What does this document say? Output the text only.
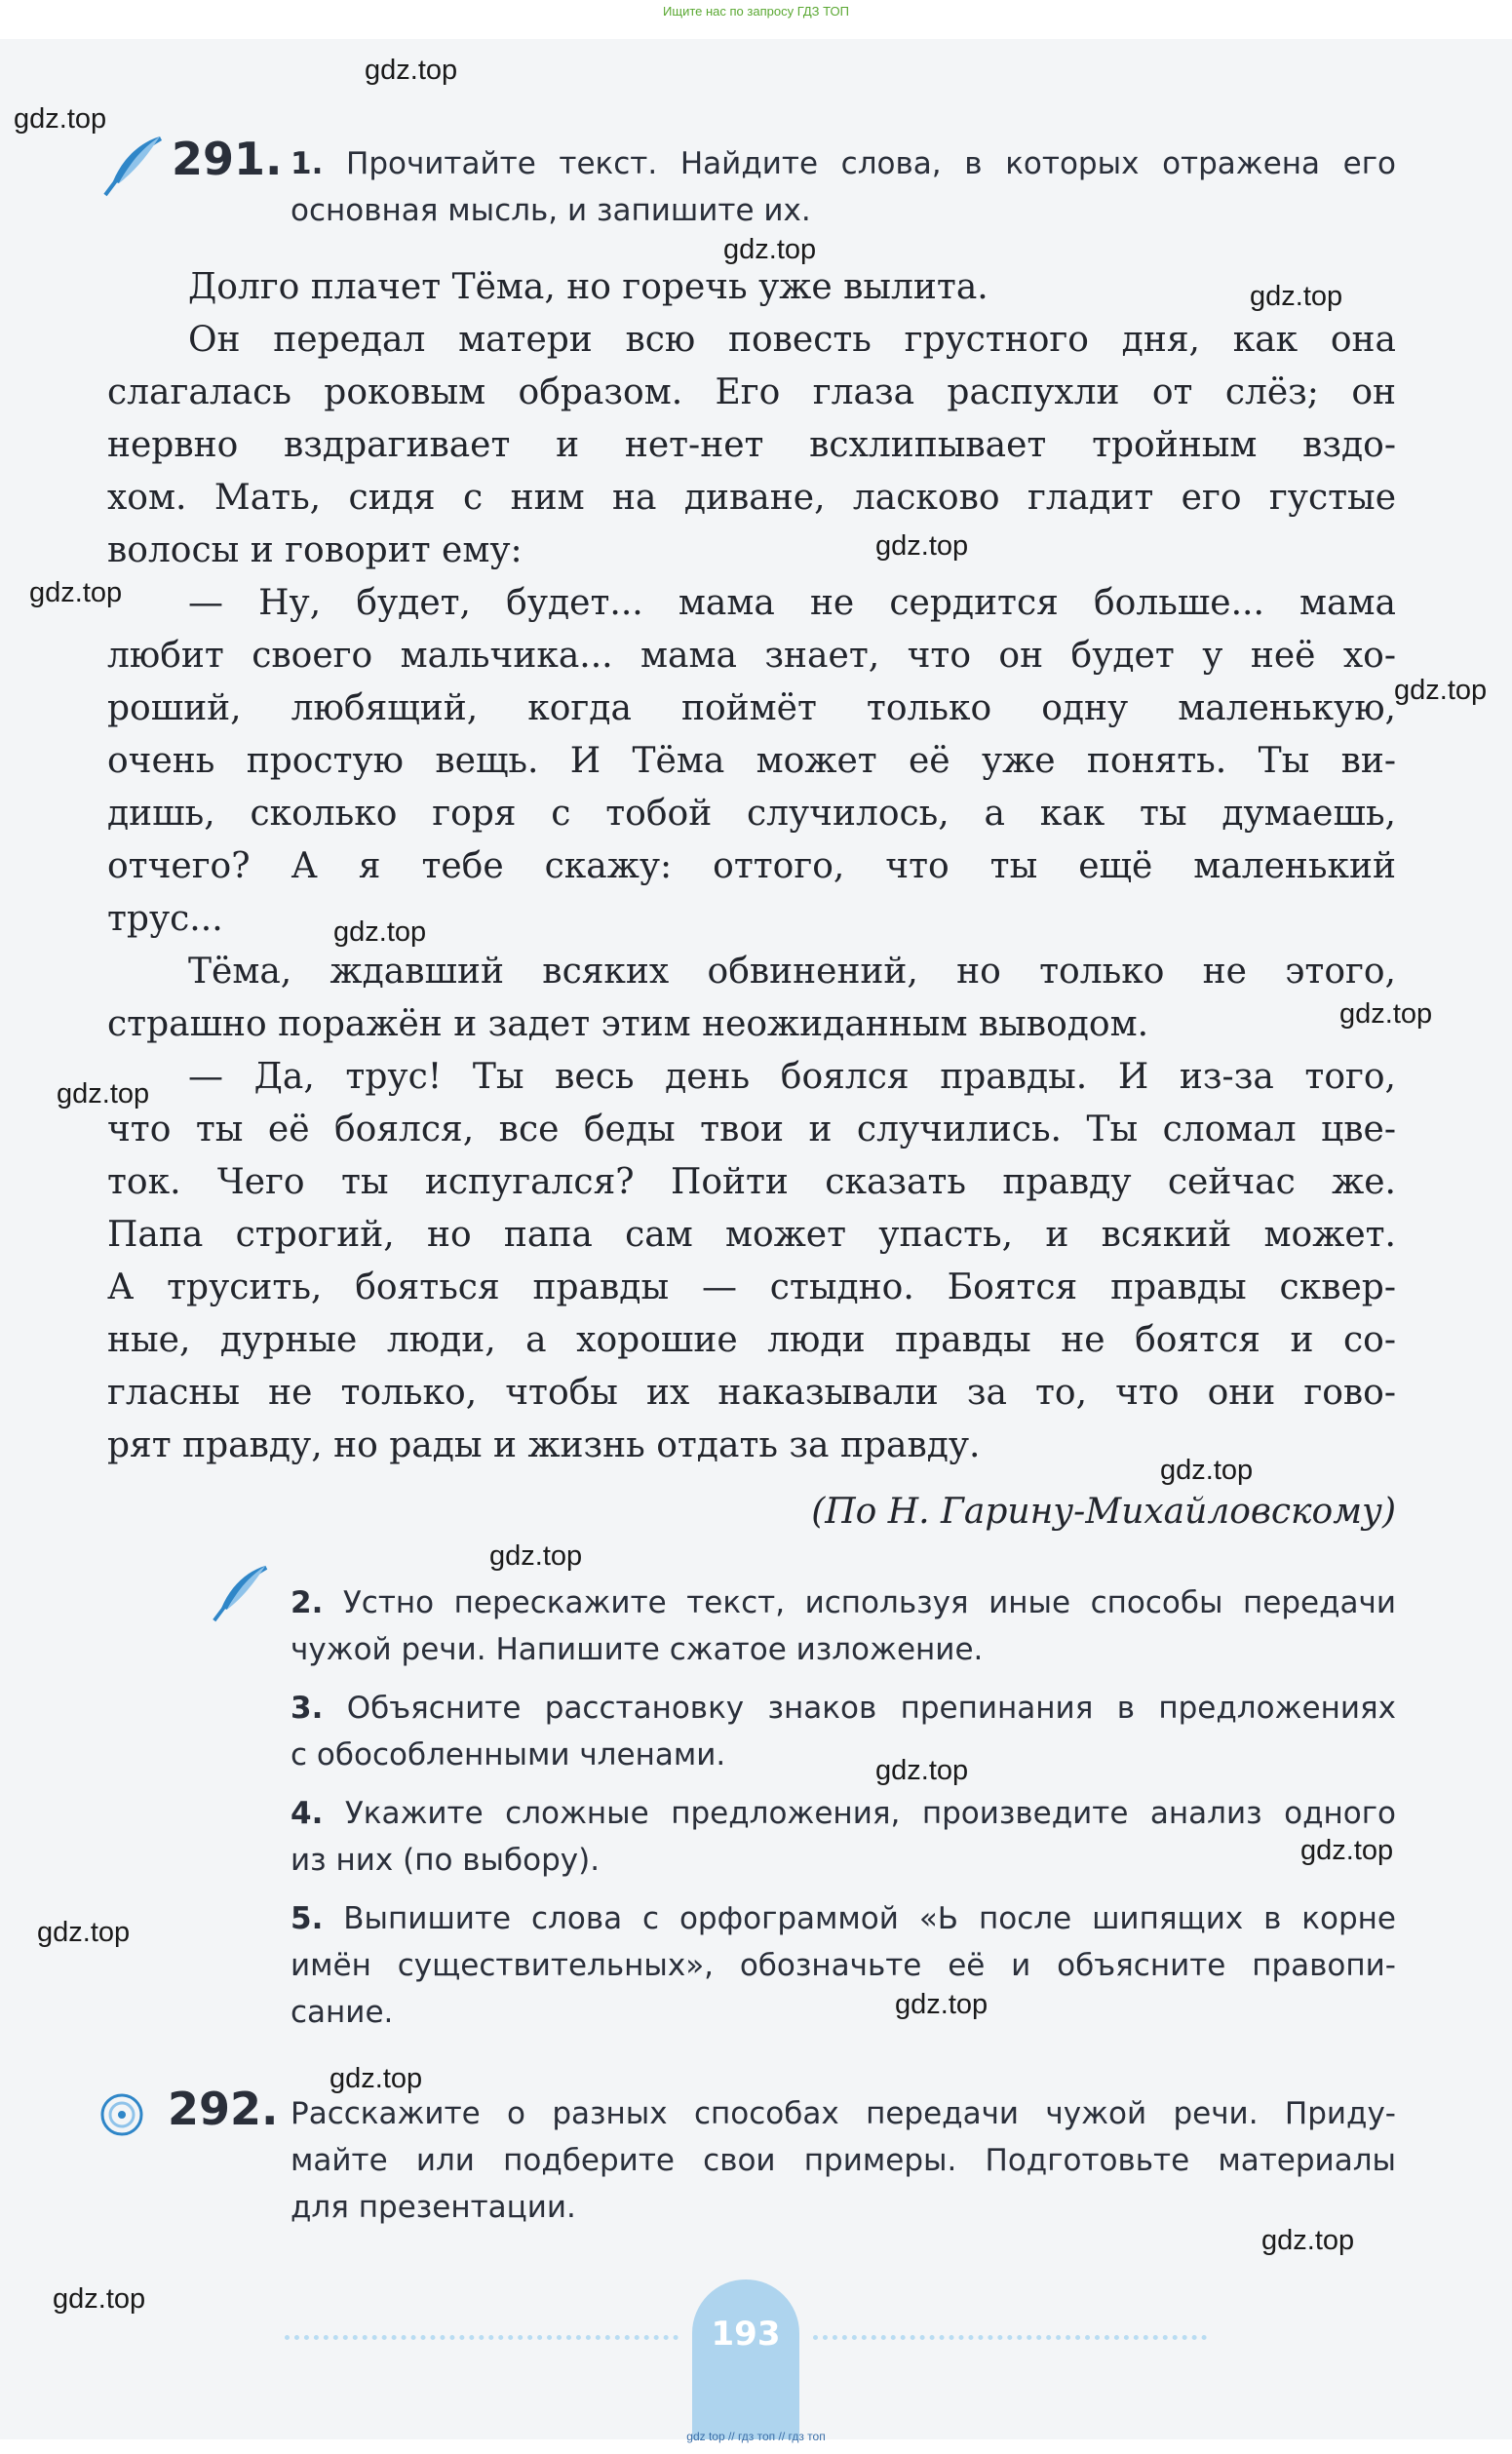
Ищите нас по запросу ГДЗ ТОП
291. 1. Прочитайте текст. Найдите слова, в которых отражена его
основная мысль, и запишите их.
Долго плачет Тёма, но горечь уже вылита.
Он передал матери всю повесть грустного дня, как она
слагалась роковым образом. Его глаза распухли от слёз; он
нервно вздрагивает и нет-нет всхлипывает тройным вздо-
хом. Мать, сидя с ним на диване, ласково гладит его густые
волосы и говорит ему:
— Ну, будет, будет... мама не сердится больше... мама
любит своего мальчика... мама знает, что он будет у неё хо-
роший, любящий, когда поймёт только одну маленькую,
очень простую вещь. И Тёма может её уже понять. Ты ви-
дишь, сколько горя с тобой случилось, а как ты думаешь,
отчего? А я тебе скажу: оттого, что ты ещё маленький
трус...
Тёма, ждавший всяких обвинений, но только не этого,
страшно поражён и задет этим неожиданным выводом.
— Да, трус! Ты весь день боялся правды. И из-за того,
что ты её боялся, все беды твои и случились. Ты сломал цве-
ток. Чего ты испугался? Пойти сказать правду сейчас же.
Папа строгий, но папа сам может упасть, и всякий может.
А трусить, бояться правды — стыдно. Боятся правды сквер-
ные, дурные люди, а хорошие люди правды не боятся и со-
гласны не только, чтобы их наказывали за то, что они гово-
рят правду, но рады и жизнь отдать за правду.
(По Н. Гарину-Михайловскому)
2. Устно перескажите текст, используя иные способы передачи
чужой речи. Напишите сжатое изложение.
3. Объясните расстановку знаков препинания в предложениях
с обособленными членами.
4. Укажите сложные предложения, произведите анализ одного
из них (по выбору).
5. Выпишите слова с орфограммой «Ь после шипящих в корне
имён существительных», обозначьте её и объясните правопи-
сание.
292. Расскажите о разных способах передачи чужой речи. Приду-
майте или подберите свои примеры. Подготовьте материалы
для презентации.
193
gdz.top
gdz.top
gdz.top
gdz.top
gdz.top
gdz.top
gdz.top
gdz.top
gdz.top
gdz.top
gdz.top
gdz.top
gdz.top
gdz.top
gdz.top
gdz.top
gdz.top
gdz.top
gdz.top
gdz top // гдз топ // гдз топ
